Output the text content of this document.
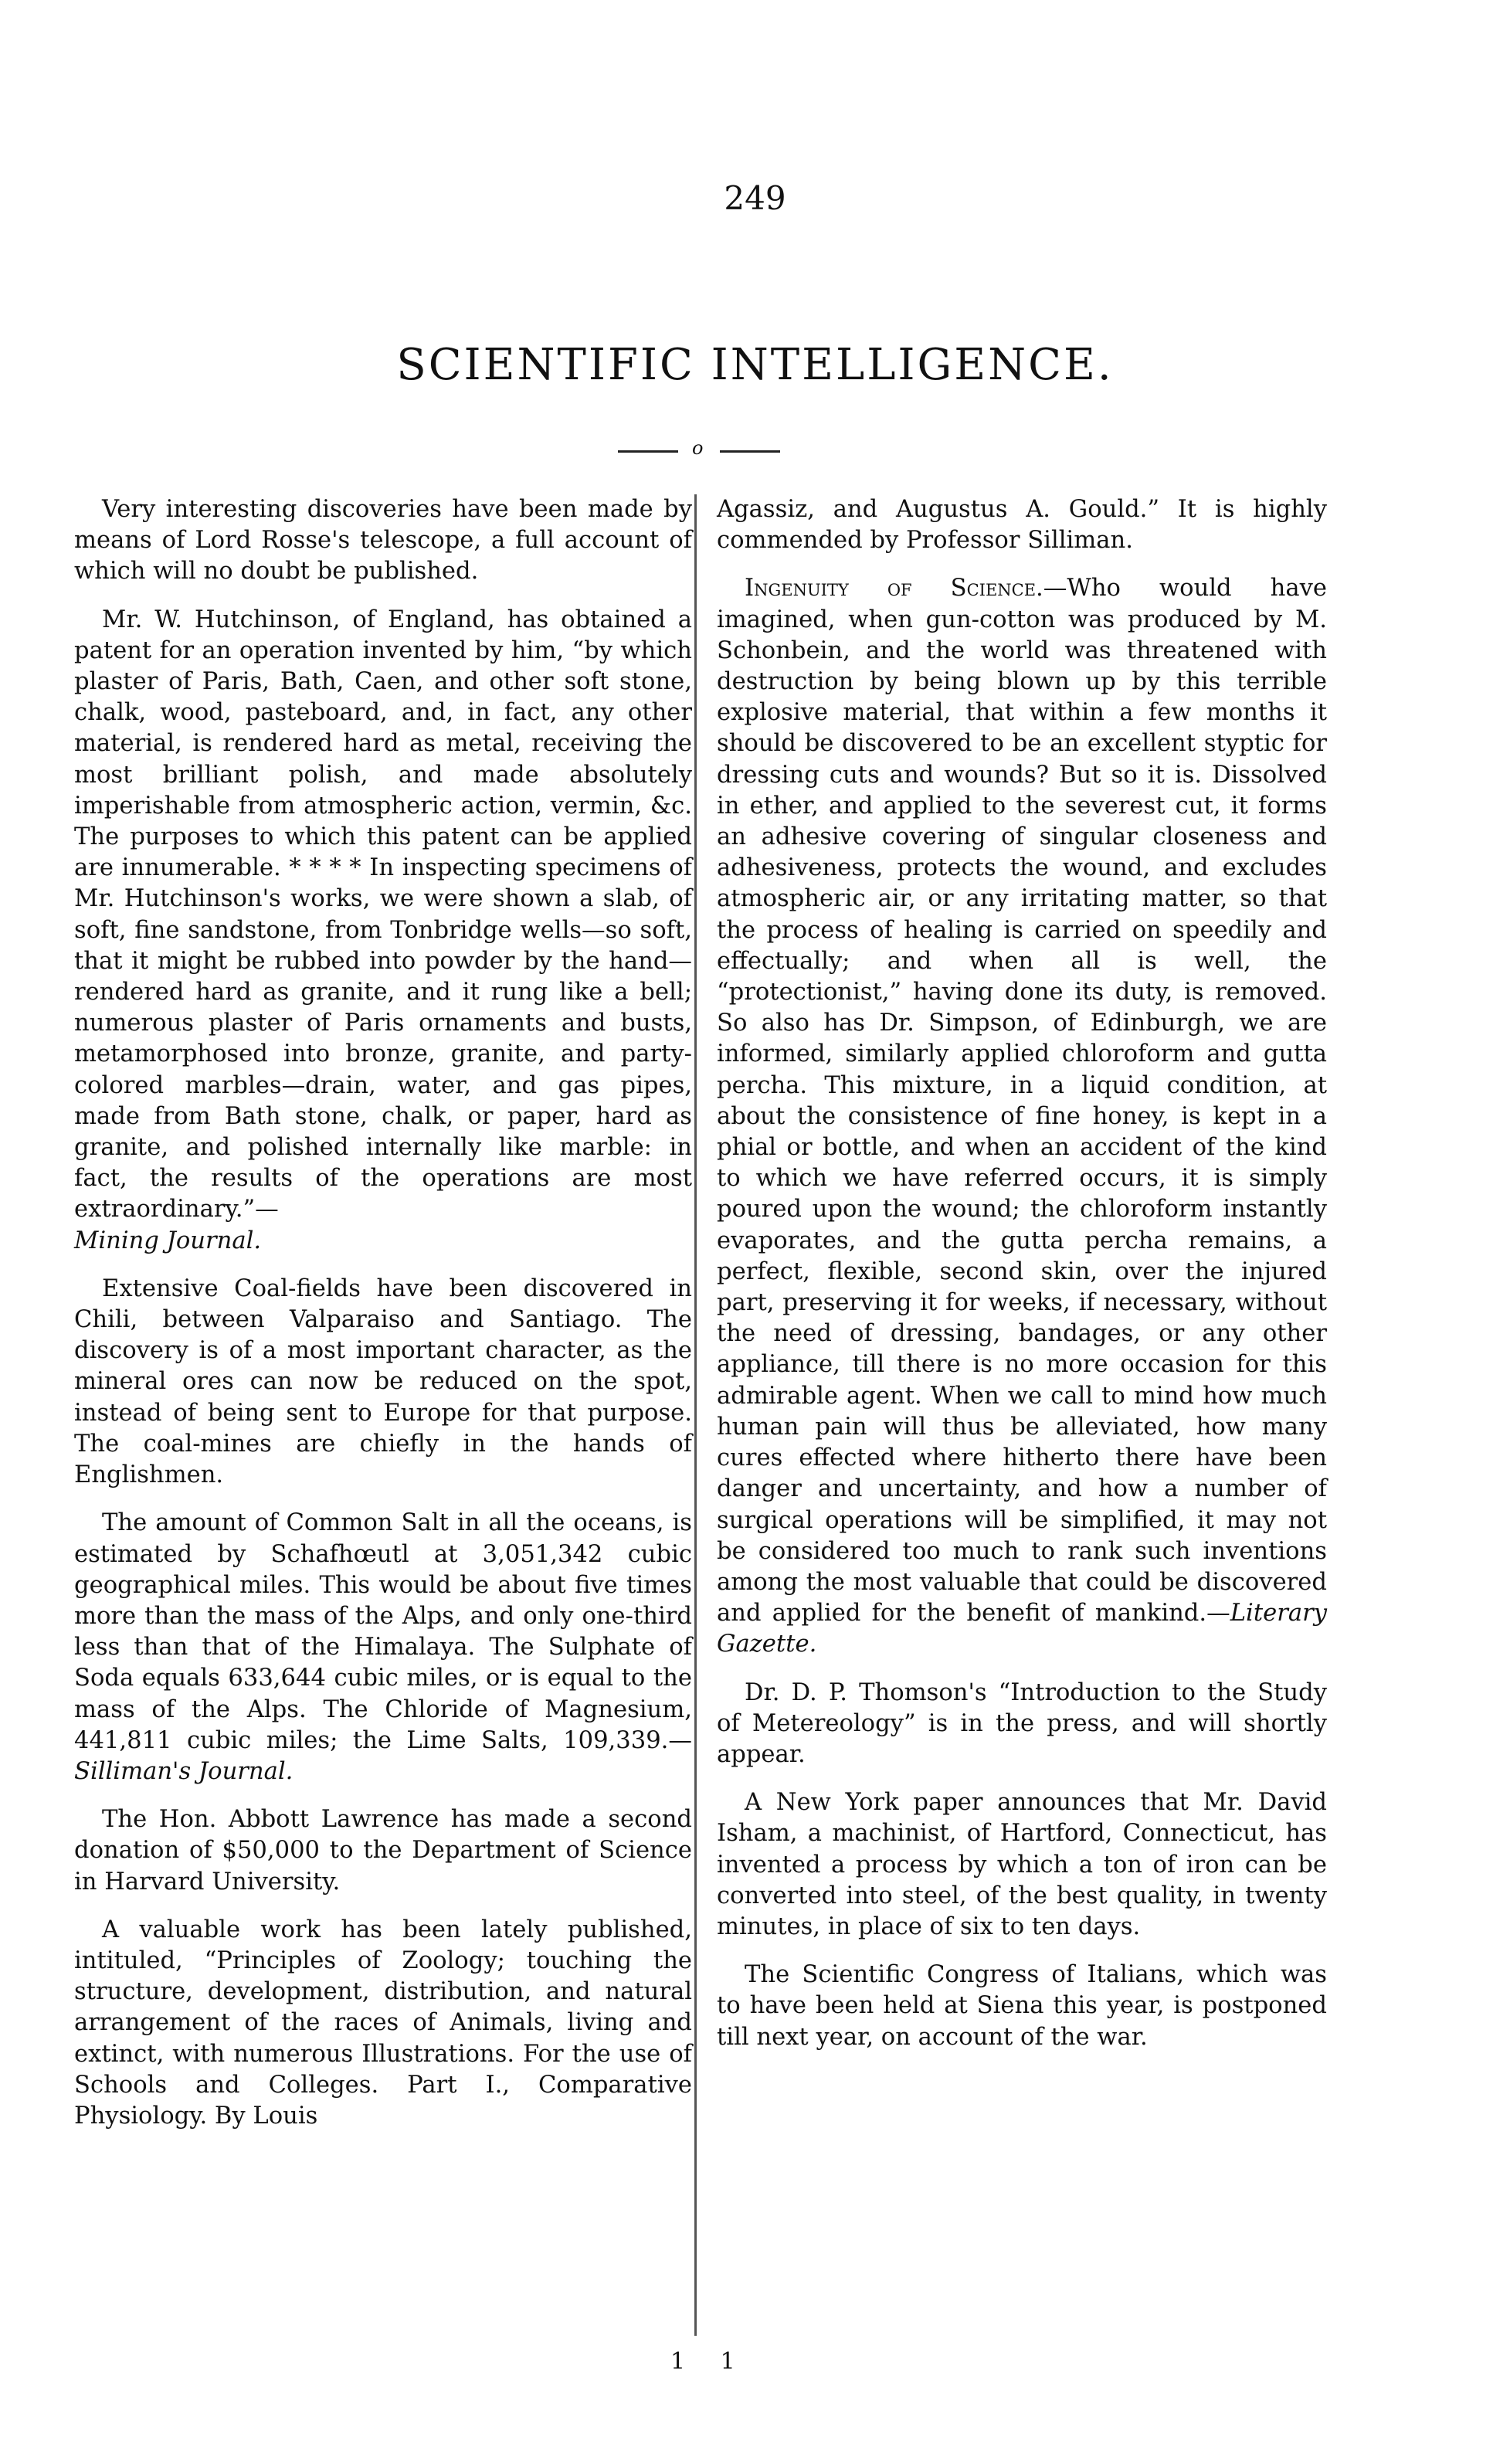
249
SCIENTIFIC INTELLIGENCE.
o

Very interesting discoveries have been made by means of Lord Rosse's telescope, a full account of which will no doubt be published.

Mr. W. Hutchinson, of England, has obtained a patent for an operation invented by him, “by which plaster of Paris, Bath, Caen, and other soft stone, chalk, wood, pasteboard, and, in fact, any other material, is rendered hard as metal, receiving the most brilliant polish, and made absolutely imperishable from atmospheric action, vermin, &c. The purposes to which this patent can be applied are innumerable. * * * * In inspecting specimens of Mr. Hutchinson's works, we were shown a slab, of soft, fine sandstone, from Tonbridge wells—so soft, that it might be rubbed into powder by the hand—rendered hard as granite, and it rung like a bell; numerous plaster of Paris ornaments and busts, metamorphosed into bronze, granite, and party-colored marbles—drain, water, and gas pipes, made from Bath stone, chalk, or paper, hard as granite, and polished internally like marble: in fact, the results of the operations are most extraordinary.”—
Mining Journal.

Extensive Coal-fields have been discovered in Chili, between Valparaiso and Santiago. The discovery is of a most important character, as the mineral ores can now be reduced on the spot, instead of being sent to Europe for that purpose. The coal-mines are chiefly in the hands of Englishmen.

The amount of Common Salt in all the oceans, is estimated by Schafhœutl at 3,051,342 cubic geographical miles. This would be about five times more than the mass of the Alps, and only one-third less than that of the Himalaya. The Sulphate of Soda equals 633,644 cubic miles, or is equal to the mass of the Alps. The Chloride of Magnesium, 441,811 cubic miles; the Lime Salts, 109,339.—Silliman's Journal.

The Hon. Abbott Lawrence has made a second donation of $50,000 to the Department of Science in Harvard University.

A valuable work has been lately published, intituled, “Principles of Zoology; touching the structure, development, distribution, and natural arrangement of the races of Animals, living and extinct, with numerous Illustrations. For the use of Schools and Colleges. Part I., Comparative Physiology. By Louis

Agassiz, and Augustus A. Gould.” It is highly commended by Professor Silliman.

Ingenuity of Science.—Who would have imagined, when gun-cotton was produced by M. Schonbein, and the world was threatened with destruction by being blown up by this terrible explosive material, that within a few months it should be discovered to be an excellent styptic for dressing cuts and wounds? But so it is. Dissolved in ether, and applied to the severest cut, it forms an adhesive covering of singular closeness and adhesiveness, protects the wound, and excludes atmospheric air, or any irritating matter, so that the process of healing is carried on speedily and effectually; and when all is well, the “protectionist,” having done its duty, is removed. So also has Dr. Simpson, of Edinburgh, we are informed, similarly applied chloroform and gutta percha. This mixture, in a liquid condition, at about the consistence of fine honey, is kept in a phial or bottle, and when an accident of the kind to which we have referred occurs, it is simply poured upon the wound; the chloroform instantly evaporates, and the gutta percha remains, a perfect, flexible, second skin, over the injured part, preserving it for weeks, if necessary, without the need of dressing, bandages, or any other appliance, till there is no more occasion for this admirable agent. When we call to mind how much human pain will thus be alleviated, how many cures effected where hitherto there have been danger and uncertainty, and how a number of surgical operations will be simplified, it may not be considered too much to rank such inventions among the most valuable that could be discovered and applied for the benefit of mankind.—Literary Gazette.

Dr. D. P. Thomson's “Introduction to the Study of Metereology” is in the press, and will shortly appear.

A New York paper announces that Mr. David Isham, a machinist, of Hartford, Connecticut, has invented a process by which a ton of iron can be converted into steel, of the best quality, in twenty minutes, in place of six to ten days.

The Scientific Congress of Italians, which was to have been held at Siena this year, is postponed till next year, on account of the war.

1 1
